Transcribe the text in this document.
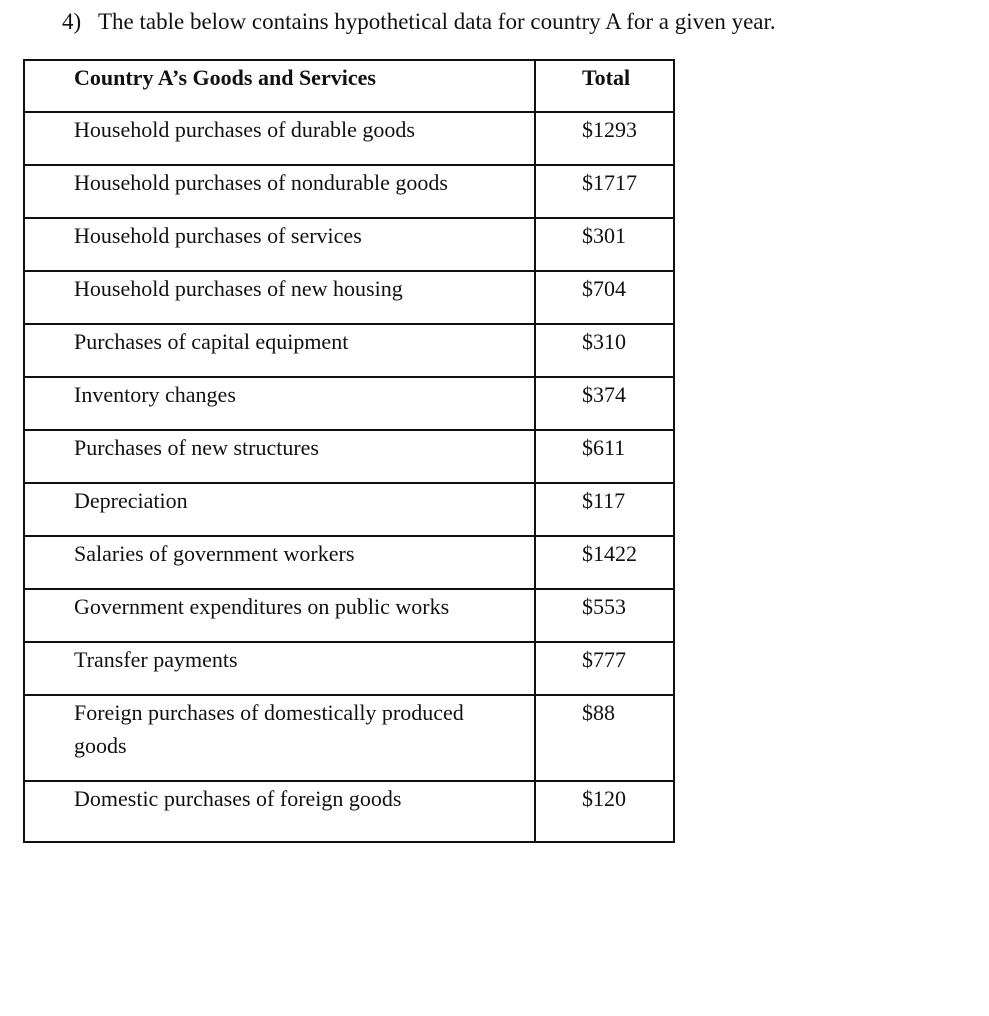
4) The table below contains hypothetical data for country A for a given year.
Country A’s Goods and Services	Total

Household purchases of durable goods	$1293

Household purchases of nondurable goods	$1717

Household purchases of services	$301

Household purchases of new housing	$704

Purchases of capital equipment	$310

Inventory changes	$374

Purchases of new structures	$611

Depreciation	$117

Salaries of government workers	$1422

Government expenditures on public works	$553

Transfer payments	$777

Foreign purchases of domestically produced goods	$88

Domestic purchases of foreign goods	$120
